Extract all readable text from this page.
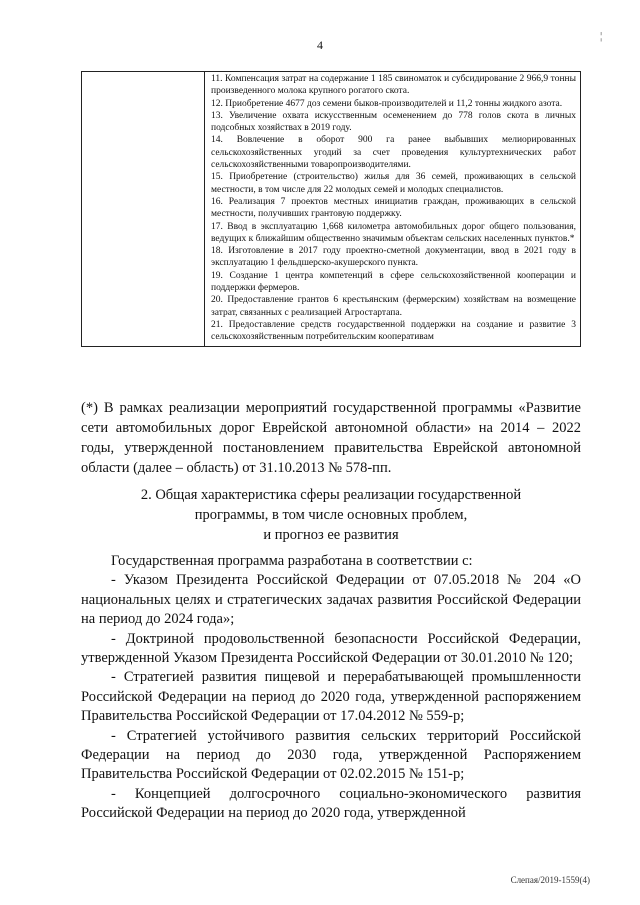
4
¦

11. Компенсация затрат на содержание 1 185 свиноматок и субсидирование 2 966,9 тонны произведенного молока крупного рогатого скота.
12. Приобретение 4677 доз семени быков-производителей и 11,2 тонны жидкого азота.
13. Увеличение охвата искусственным осеменением до 778 голов скота в личных подсобных хозяйствах в 2019 году.
14. Вовлечение в оборот 900 га ранее выбывших мелиорированных сельскохозяйственных угодий за счет проведения культуртехнических работ сельскохозяйственными товаропроизводителями.
15. Приобретение (строительство) жилья для 36 семей, проживающих в сельской местности, в том числе для 22 молодых семей и молодых специалистов.
16. Реализация 7 проектов местных инициатив граждан, проживающих в сельской местности, получивших грантовую поддержку.
17. Ввод в эксплуатацию 1,668 километра автомобильных дорог общего пользования, ведущих к ближайшим общественно значимым объектам сельских населенных пунктов.*
18. Изготовление в 2017 году проектно-сметной документации, ввод в 2021 году в эксплуатацию 1 фельдшерско-акушерского пункта.
19. Создание 1 центра компетенций в сфере сельскохозяйственной кооперации и поддержки фермеров.
20. Предоставление грантов 6 крестьянским (фермерским) хозяйствам на возмещение затрат, связанных с реализацией Агростартапа.
21. Предоставление средств государственной поддержки на создание и развитие 3 сельскохозяйственным потребительским кооперативам
(*) В рамках реализации мероприятий государственной программы «Развитие сети автомобильных дорог Еврейской автономной области» на 2014 – 2022 годы, утвержденной постановлением правительства Еврейской автономной области (далее – область) от 31.10.2013 № 578-пп.
2. Общая характеристика сферы реализации государственной
программы, в том числе основных проблем,
и прогноз ее развития

Государственная программа разработана в соответствии с:

- Указом Президента Российской Федерации от 07.05.2018 № 204 «О национальных целях и стратегических задачах развития Российской Федерации на период до 2024 года»;

- Доктриной продовольственной безопасности Российской Федерации, утвержденной Указом Президента Российской Федерации от 30.01.2010 № 120;

- Стратегией развития пищевой и перерабатывающей промышленности Российской Федерации на период до 2020 года, утвержденной распоряжением Правительства Российской Федерации от 17.04.2012 № 559-р;

- Стратегией устойчивого развития сельских территорий Российской Федерации на период до 2030 года, утвержденной Распоряжением Правительства Российской Федерации от 02.02.2015 № 151-р;

- Концепцией долгосрочного социально-экономического развития Российской Федерации на период до 2020 года, утвержденной

Слепая/2019-1559(4)
